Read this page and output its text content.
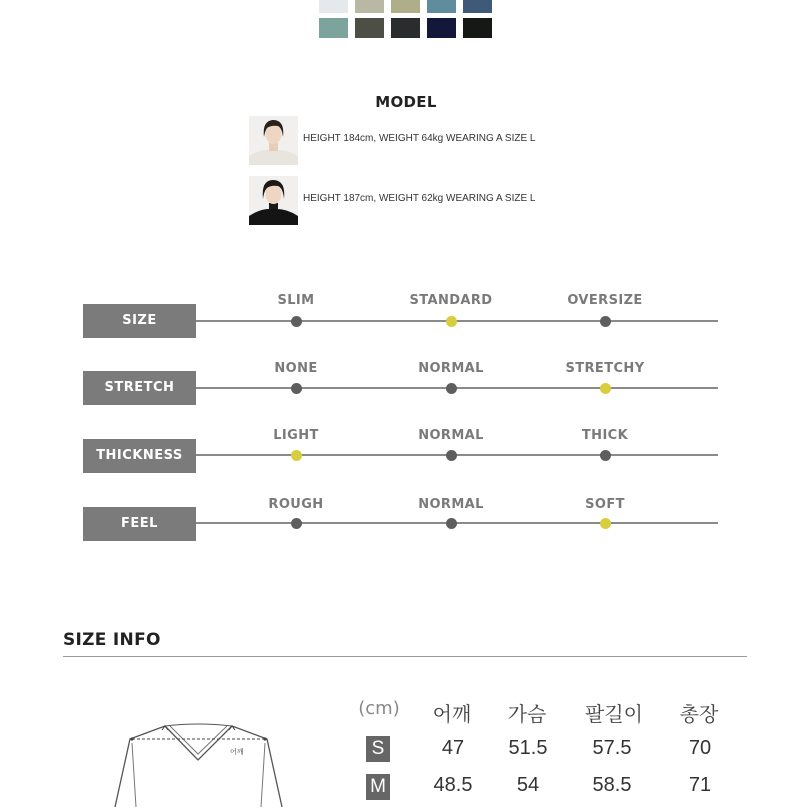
MODEL
HEIGHT 184cm, WEIGHT 64kg WEARING A SIZE L
HEIGHT 187cm, WEIGHT 62kg WEARING A SIZE L
SIZE
SLIM	STANDARD	OVERSIZE
STRETCH
NONE	NORMAL	STRETCHY
THICKNESS
LIGHT	NORMAL	THICK
FEEL
ROUGH	NORMAL	SOFT
SIZE INFO
어깨
(cm)	어깨	가슴	팔길이	총장
S	47	51.5	57.5	70
M	48.5	54	58.5	71
